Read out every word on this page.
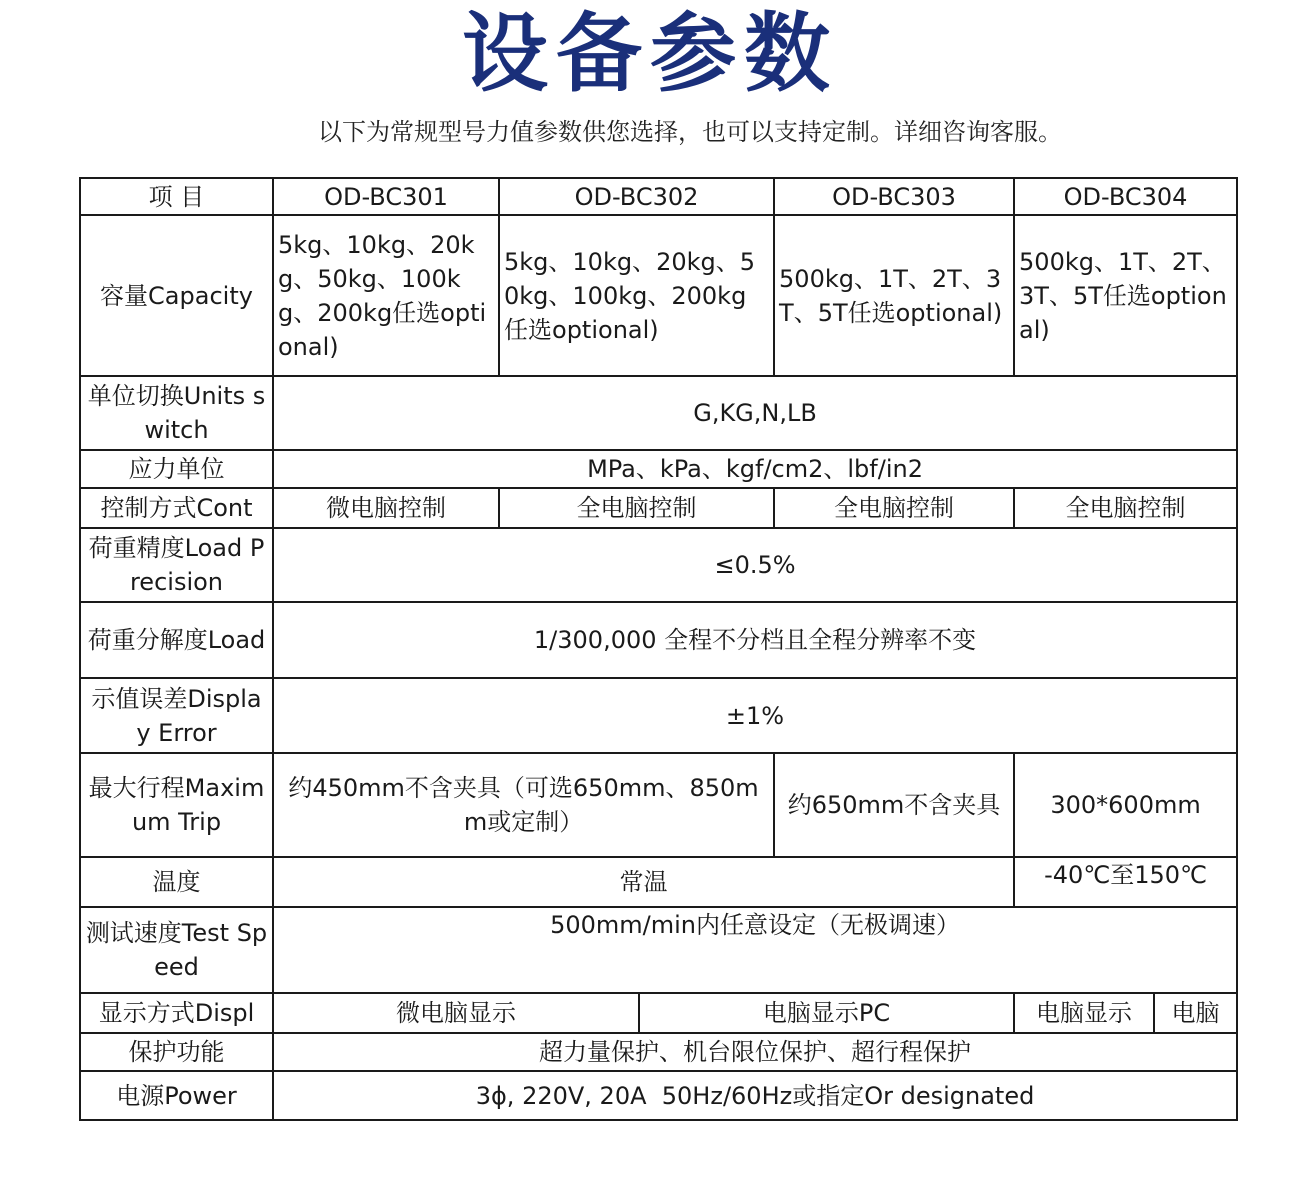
设备参数
以下为常规型号力值参数供您选择，也可以支持定制。详细咨询客服。
项 目	OD-BC301	OD-BC302		OD-BC303	OD-BC304	
容量Capacity	5kg、10kg、20kg、50kg、100kg、200kg任选optional)	5kg、10kg、20kg、50kg、100kg、200kg任选optional)		500kg、1T、2T、3T、5T任选optional)	500kg、1T、2T、3T、5T任选optional)	
单位切换Units switch	G,KG,N,LB					
应力单位	MPa、kPa、kgf/cm2、lbf/in2					
控制方式Cont	微电脑控制	全电脑控制		全电脑控制	全电脑控制	
荷重精度Load Precision	≤0.5%					
荷重分解度Load	1/300,000 全程不分档且全程分辨率不变					
示值误差Display Error	±1%					
最大行程Maximum Trip	约450mm不含夹具（可选650mm、850mm或定制）			约650mm不含夹具	300*600mm	
温度	常温				-40℃至150℃	
测试速度Test Speed	500mm/min内任意设定（无极调速）					
显示方式Displ	微电脑显示		电脑显示PC		电脑显示	电脑
保护功能	超力量保护、机台限位保护、超行程保护					
电源Power	3ϕ, 220V, 20A  50Hz/60Hz或指定Or designated					
